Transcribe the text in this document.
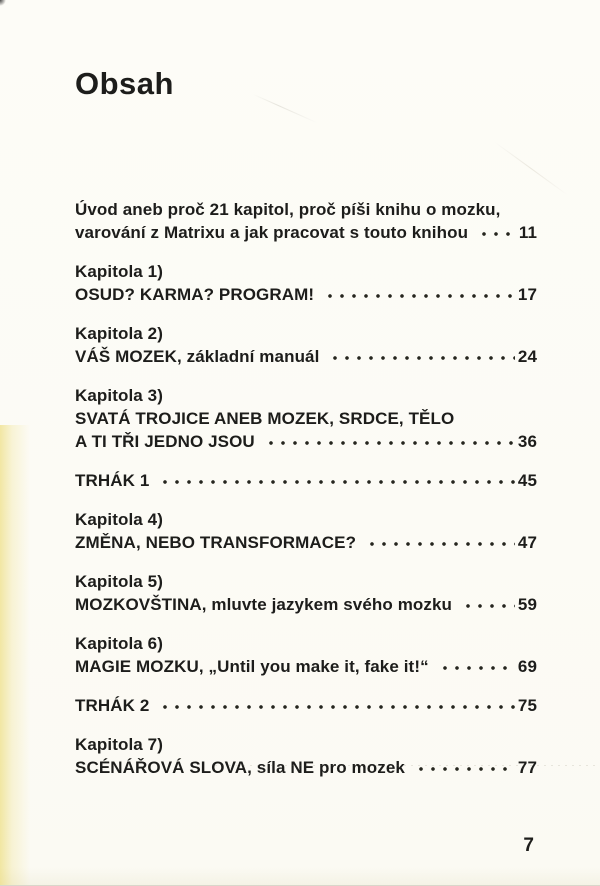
Obsah
Úvod aneb proč 21 kapitol, proč píši knihu o mozku,
varování z Matrixu a jak pracovat s touto knihou	11
Kapitola 1)
OSUD? KARMA? PROGRAM!	17
Kapitola 2)
VÁŠ MOZEK, základní manuál	24
Kapitola 3)
SVATÁ TROJICE ANEB MOZEK, SRDCE, TĚLO
A TI TŘI JEDNO JSOU	36
TRHÁK 1	45
Kapitola 4)
ZMĚNA, NEBO TRANSFORMACE?	47
Kapitola 5)
MOZKOVŠTINA, mluvte jazykem svého mozku	59
Kapitola 6)
MAGIE MOZKU, „Until you make it, fake it!“	69
TRHÁK 2	75
Kapitola 7)
SCÉNÁŘOVÁ SLOVA, síla NE pro mozek	77
7
